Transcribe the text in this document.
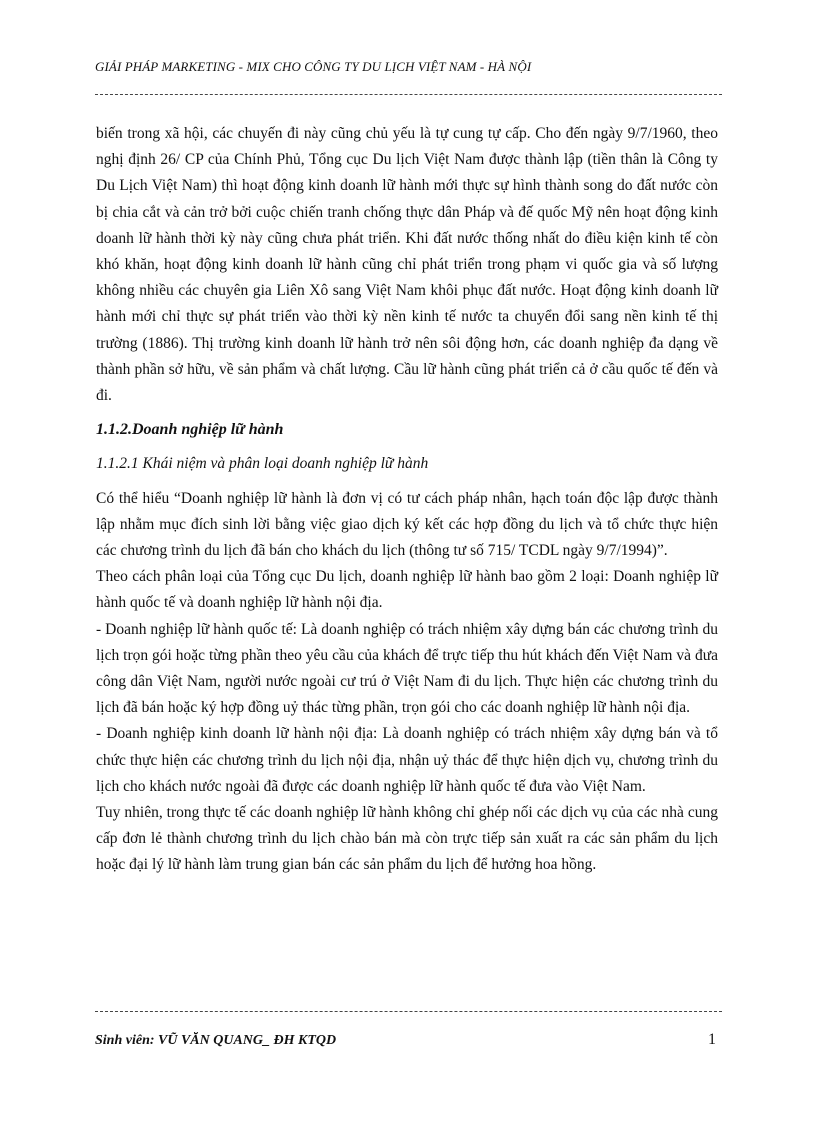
GIẢI PHÁP MARKETING - MIX CHO CÔNG TY DU LỊCH VIỆT NAM - HÀ NỘI

biến trong xã hội, các chuyến đi này cũng chủ yếu là tự cung tự cấp. Cho đến ngày 9/7/1960, theo nghị định 26/ CP của Chính Phủ, Tổng cục Du lịch Việt Nam được thành lập (tiền thân là Công ty Du Lịch Việt Nam) thì hoạt động kinh doanh lữ hành mới thực sự hình thành song do đất nước còn bị chia cắt và cản trở bởi cuộc chiến tranh chống thực dân Pháp và đế quốc Mỹ nên hoạt động kinh doanh lữ hành thời kỳ này cũng chưa phát triển. Khi đất nước thống nhất do điều kiện kinh tế còn khó khăn, hoạt động kinh doanh lữ hành cũng chỉ phát triển trong phạm vi quốc gia và số lượng không nhiều các chuyên gia Liên Xô sang Việt Nam khôi phục đất nước. Hoạt động kinh doanh lữ hành mới chỉ thực sự phát triển vào thời kỳ nền kinh tế nước ta chuyển đổi sang nền kinh tế thị trường (1886). Thị trường kinh doanh lữ hành trở nên sôi động hơn, các doanh nghiệp đa dạng về thành phần sở hữu, về sản phẩm và chất lượng. Cầu lữ hành cũng phát triển cả ở cầu quốc tế đến và đi.

1.1.2.Doanh nghiệp lữ hành

1.1.2.1 Khái niệm và phân loại doanh nghiệp lữ hành

Có thể hiểu “Doanh nghiệp lữ hành là đơn vị có tư cách pháp nhân, hạch toán độc lập được thành lập nhằm mục đích sinh lời bằng việc giao dịch ký kết các hợp đồng du lịch và tổ chức thực hiện các chương trình du lịch đã bán cho khách du lịch (thông tư số 715/ TCDL ngày 9/7/1994)”.

Theo cách phân loại của Tổng cục Du lịch, doanh nghiệp lữ hành bao gồm 2 loại: Doanh nghiệp lữ hành quốc tế và doanh nghiệp lữ hành nội địa.

- Doanh nghiệp lữ hành quốc tế: Là doanh nghiệp có trách nhiệm xây dựng bán các chương trình du lịch trọn gói hoặc từng phần theo yêu cầu của khách để trực tiếp thu hút khách đến Việt Nam và đưa công dân Việt Nam, người nước ngoài cư trú ở Việt Nam đi du lịch. Thực hiện các chương trình du lịch đã bán hoặc ký hợp đồng uỷ thác từng phần, trọn gói cho các doanh nghiệp lữ hành nội địa.

- Doanh nghiệp kinh doanh lữ hành nội địa: Là doanh nghiệp có trách nhiệm xây dựng bán và tổ chức thực hiện các chương trình du lịch nội địa, nhận uỷ thác để thực hiện dịch vụ, chương trình du lịch cho khách nước ngoài đã được các doanh nghiệp lữ hành quốc tế đưa vào Việt Nam.

Tuy nhiên, trong thực tế các doanh nghiệp lữ hành không chỉ ghép nối các dịch vụ của các nhà cung cấp đơn lẻ thành chương trình du lịch chào bán mà còn trực tiếp sản xuất ra các sản phẩm du lịch hoặc đại lý lữ hành làm trung gian bán các sản phẩm du lịch để hưởng hoa hồng.

Sinh viên: VŨ VĂN QUANG_ ĐH KTQD	1
